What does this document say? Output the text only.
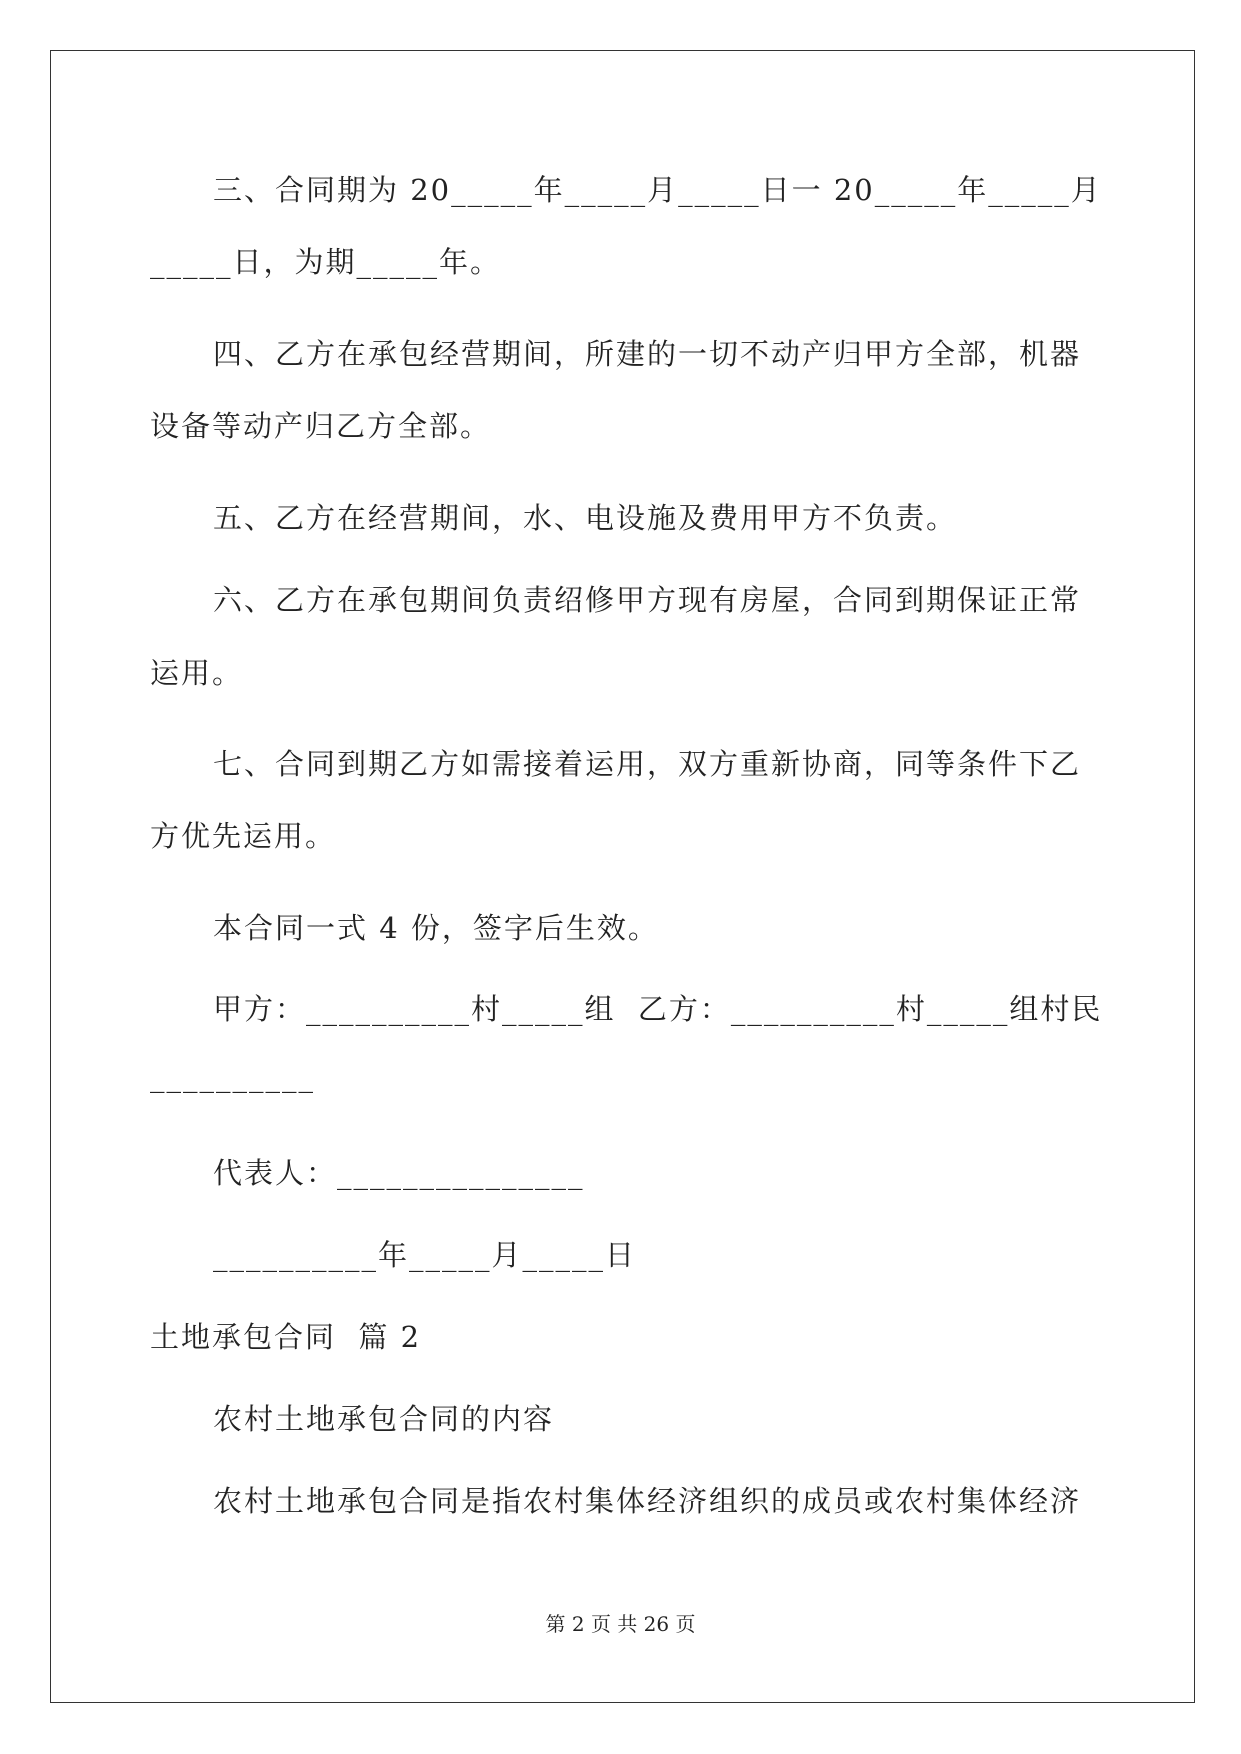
三、合同期为 20_____年_____月_____日一 20_____年_____月
_____日，为期_____年。
四、乙方在承包经营期间，所建的一切不动产归甲方全部，机器
设备等动产归乙方全部。
五、乙方在经营期间，水、电设施及费用甲方不负责。
六、乙方在承包期间负责绍修甲方现有房屋，合同到期保证正常
运用。
七、合同到期乙方如需接着运用，双方重新协商，同等条件下乙
方优先运用。
本合同一式 4 份，签字后生效。
甲方：__________村_____组  乙方：__________村_____组村民
__________
代表人：_______________
__________年_____月_____日
土地承包合同  篇 2
农村土地承包合同的内容
农村土地承包合同是指农村集体经济组织的成员或农村集体经济
第 2 页 共 26 页
